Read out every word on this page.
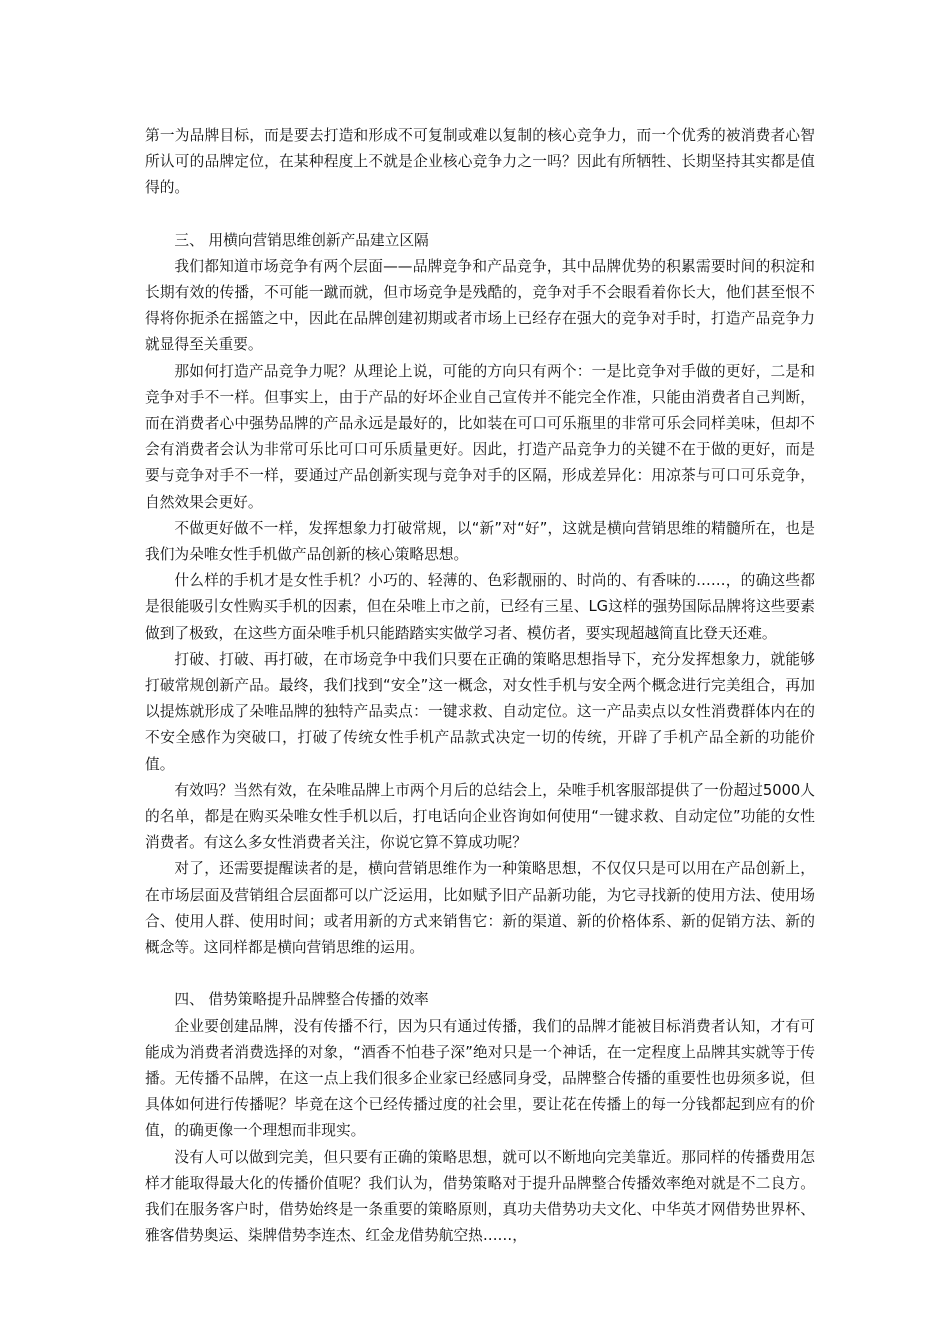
第一为品牌目标，而是要去打造和形成不可复制或难以复制的核心竞争力，而一个优秀的被消费者心智所认可的品牌定位，在某种程度上不就是企业核心竞争力之一吗？因此有所牺牲、长期坚持其实都是值得的。

三、 用横向营销思维创新产品建立区隔

我们都知道市场竞争有两个层面——品牌竞争和产品竞争，其中品牌优势的积累需要时间的积淀和长期有效的传播，不可能一蹴而就，但市场竞争是残酷的，竞争对手不会眼看着你长大，他们甚至恨不得将你扼杀在摇篮之中，因此在品牌创建初期或者市场上已经存在强大的竞争对手时，打造产品竞争力就显得至关重要。

那如何打造产品竞争力呢？从理论上说，可能的方向只有两个：一是比竞争对手做的更好，二是和竞争对手不一样。但事实上，由于产品的好坏企业自己宣传并不能完全作准，只能由消费者自己判断，而在消费者心中强势品牌的产品永远是最好的，比如装在可口可乐瓶里的非常可乐会同样美味，但却不会有消费者会认为非常可乐比可口可乐质量更好。因此，打造产品竞争力的关键不在于做的更好，而是要与竞争对手不一样，要通过产品创新实现与竞争对手的区隔，形成差异化：用凉茶与可口可乐竞争，自然效果会更好。

不做更好做不一样，发挥想象力打破常规，以“新”对“好”，这就是横向营销思维的精髓所在，也是我们为朵唯女性手机做产品创新的核心策略思想。

什么样的手机才是女性手机？小巧的、轻薄的、色彩靓丽的、时尚的、有香味的……，的确这些都是很能吸引女性购买手机的因素，但在朵唯上市之前，已经有三星、LG这样的强势国际品牌将这些要素做到了极致，在这些方面朵唯手机只能踏踏实实做学习者、模仿者，要实现超越简直比登天还难。

打破、打破、再打破，在市场竞争中我们只要在正确的策略思想指导下，充分发挥想象力，就能够打破常规创新产品。最终，我们找到“安全”这一概念，对女性手机与安全两个概念进行完美组合，再加以提炼就形成了朵唯品牌的独特产品卖点：一键求救、自动定位。这一产品卖点以女性消费群体内在的不安全感作为突破口，打破了传统女性手机产品款式决定一切的传统，开辟了手机产品全新的功能价值。

有效吗？当然有效，在朵唯品牌上市两个月后的总结会上，朵唯手机客服部提供了一份超过5000人的名单，都是在购买朵唯女性手机以后，打电话向企业咨询如何使用“一键求救、自动定位”功能的女性消费者。有这么多女性消费者关注，你说它算不算成功呢？

对了，还需要提醒读者的是，横向营销思维作为一种策略思想，不仅仅只是可以用在产品创新上，在市场层面及营销组合层面都可以广泛运用，比如赋予旧产品新功能，为它寻找新的使用方法、使用场合、使用人群、使用时间；或者用新的方式来销售它：新的渠道、新的价格体系、新的促销方法、新的概念等。这同样都是横向营销思维的运用。

四、 借势策略提升品牌整合传播的效率

企业要创建品牌，没有传播不行，因为只有通过传播，我们的品牌才能被目标消费者认知，才有可能成为消费者消费选择的对象，“酒香不怕巷子深”绝对只是一个神话，在一定程度上品牌其实就等于传播。无传播不品牌，在这一点上我们很多企业家已经感同身受，品牌整合传播的重要性也毋须多说，但具体如何进行传播呢？毕竟在这个已经传播过度的社会里，要让花在传播上的每一分钱都起到应有的价值，的确更像一个理想而非现实。

没有人可以做到完美，但只要有正确的策略思想，就可以不断地向完美靠近。那同样的传播费用怎样才能取得最大化的传播价值呢？我们认为，借势策略对于提升品牌整合传播效率绝对就是不二良方。我们在服务客户时，借势始终是一条重要的策略原则，真功夫借势功夫文化、中华英才网借势世界杯、雅客借势奥运、柒牌借势李连杰、红金龙借势航空热……，
